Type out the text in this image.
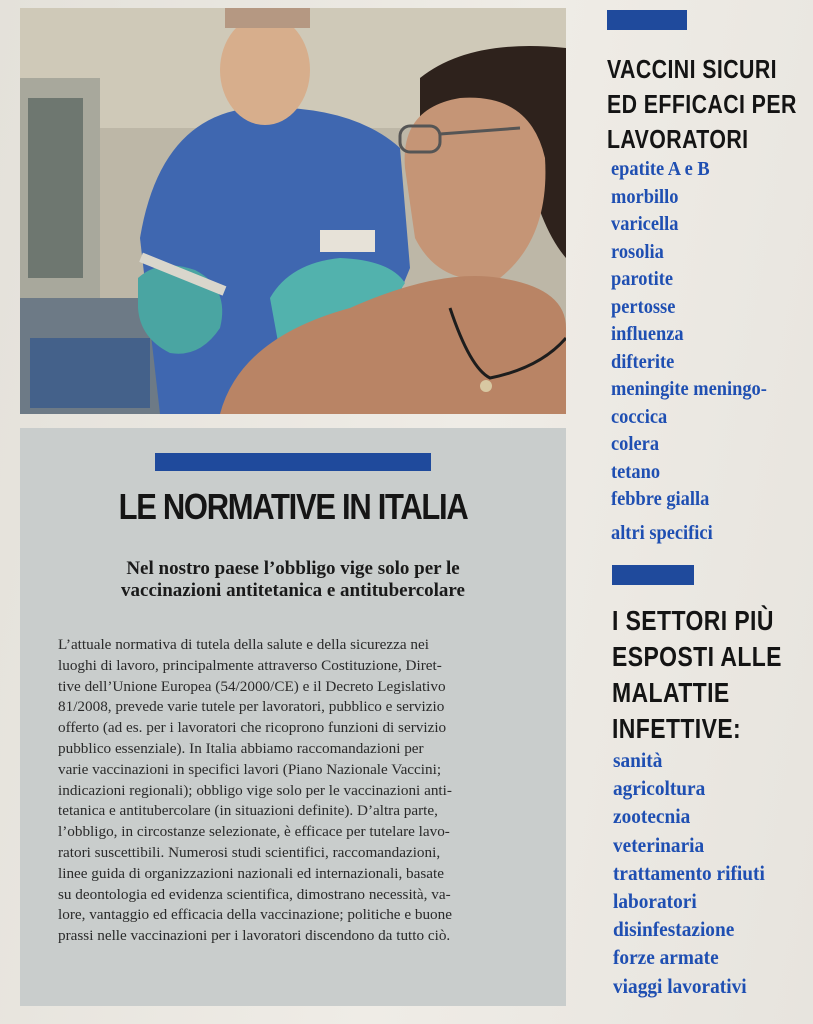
LE NORMATIVE IN ITALIA
Nel nostro paese l’obbligo vige solo per le
vaccinazioni antitetanica e antitubercolare
L’attuale normativa di tutela della salute e della sicurezza nei
luoghi di lavoro, principalmente attraverso Costituzione, Diret-
tive dell’Unione Europea (54/2000/CE) e il Decreto Legislativo
81/2008, prevede varie tutele per lavoratori, pubblico e servizio
offerto (ad es. per i lavoratori che ricoprono funzioni di servizio
pubblico essenziale). In Italia abbiamo raccomandazioni per
varie vaccinazioni in specifici lavori (Piano Nazionale Vaccini;
indicazioni regionali); obbligo vige solo per le vaccinazioni anti-
tetanica e antitubercolare (in situazioni definite). D’altra parte,
l’obbligo, in circostanze selezionate, è efficace per tutelare lavo-
ratori suscettibili. Numerosi studi scientifici, raccomandazioni,
linee guida di organizzazioni nazionali ed internazionali, basate
su deontologia ed evidenza scientifica, dimostrano necessità, va-
lore, vantaggio ed efficacia della vaccinazione; politiche e buone
prassi nelle vaccinazioni per i lavoratori discendono da tutto ciò.
VACCINI SICURI
ED EFFICACI PER
LAVORATORI
epatite A e B
morbillo
varicella
rosolia
parotite
pertosse
influenza
difterite
meningite meningo-
coccica
colera
tetano
febbre gialla
altri specifici
I SETTORI PIÙ
ESPOSTI ALLE
MALATTIE
INFETTIVE:
sanità
agricoltura
zootecnia
veterinaria
trattamento rifiuti
laboratori
disinfestazione
forze armate
viaggi lavorativi
